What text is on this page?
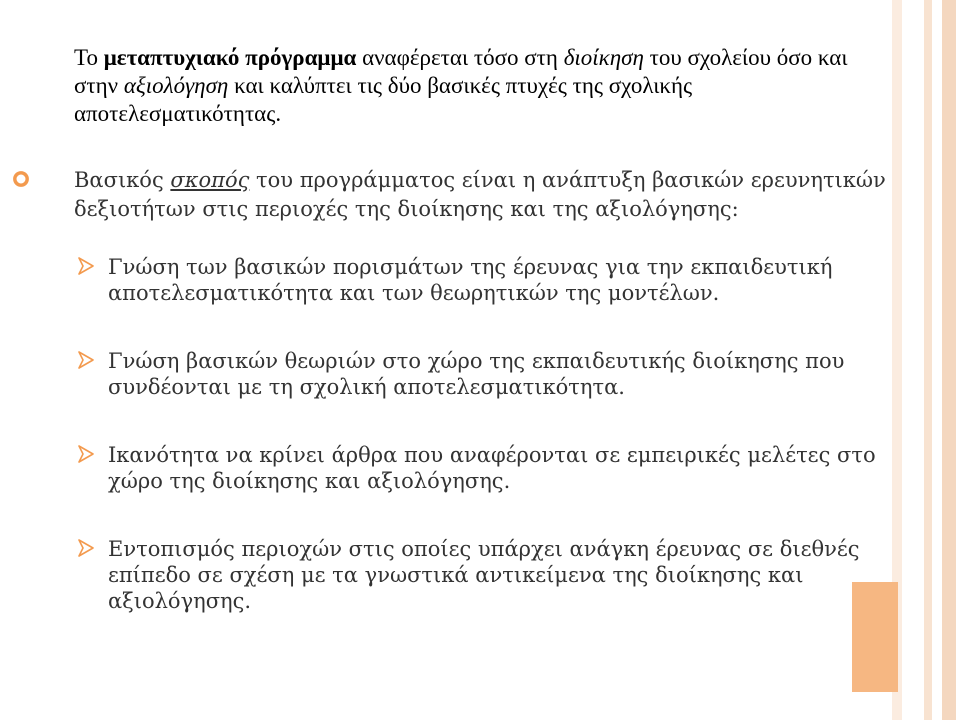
Το μεταπτυχιακό πρόγραμμα αναφέρεται τόσο στη διοίκηση του σχολείου όσο και στην αξιολόγηση και καλύπτει τις δύο βασικές πτυχές της σχολικής αποτελεσματικότητας.

Βασικός σκοπός του προγράμματος είναι η ανάπτυξη βασικών ερευνητικών δεξιοτήτων στις περιοχές της διοίκησης και της αξιολόγησης:

Γνώση των βασικών πορισμάτων της έρευνας για την εκπαιδευτική αποτελεσματικότητα και των θεωρητικών της μοντέλων.
Γνώση βασικών θεωριών στο χώρο της εκπαιδευτικής διοίκησης που συνδέονται με τη σχολική αποτελεσματικότητα.
Ικανότητα να κρίνει άρθρα που αναφέρονται σε εμπειρικές μελέτες στο χώρο της διοίκησης και αξιολόγησης.
Εντοπισμός περιοχών στις οποίες υπάρχει ανάγκη έρευνας σε διεθνές επίπεδο σε σχέση με τα γνωστικά αντικείμενα της διοίκησης και αξιολόγησης.
